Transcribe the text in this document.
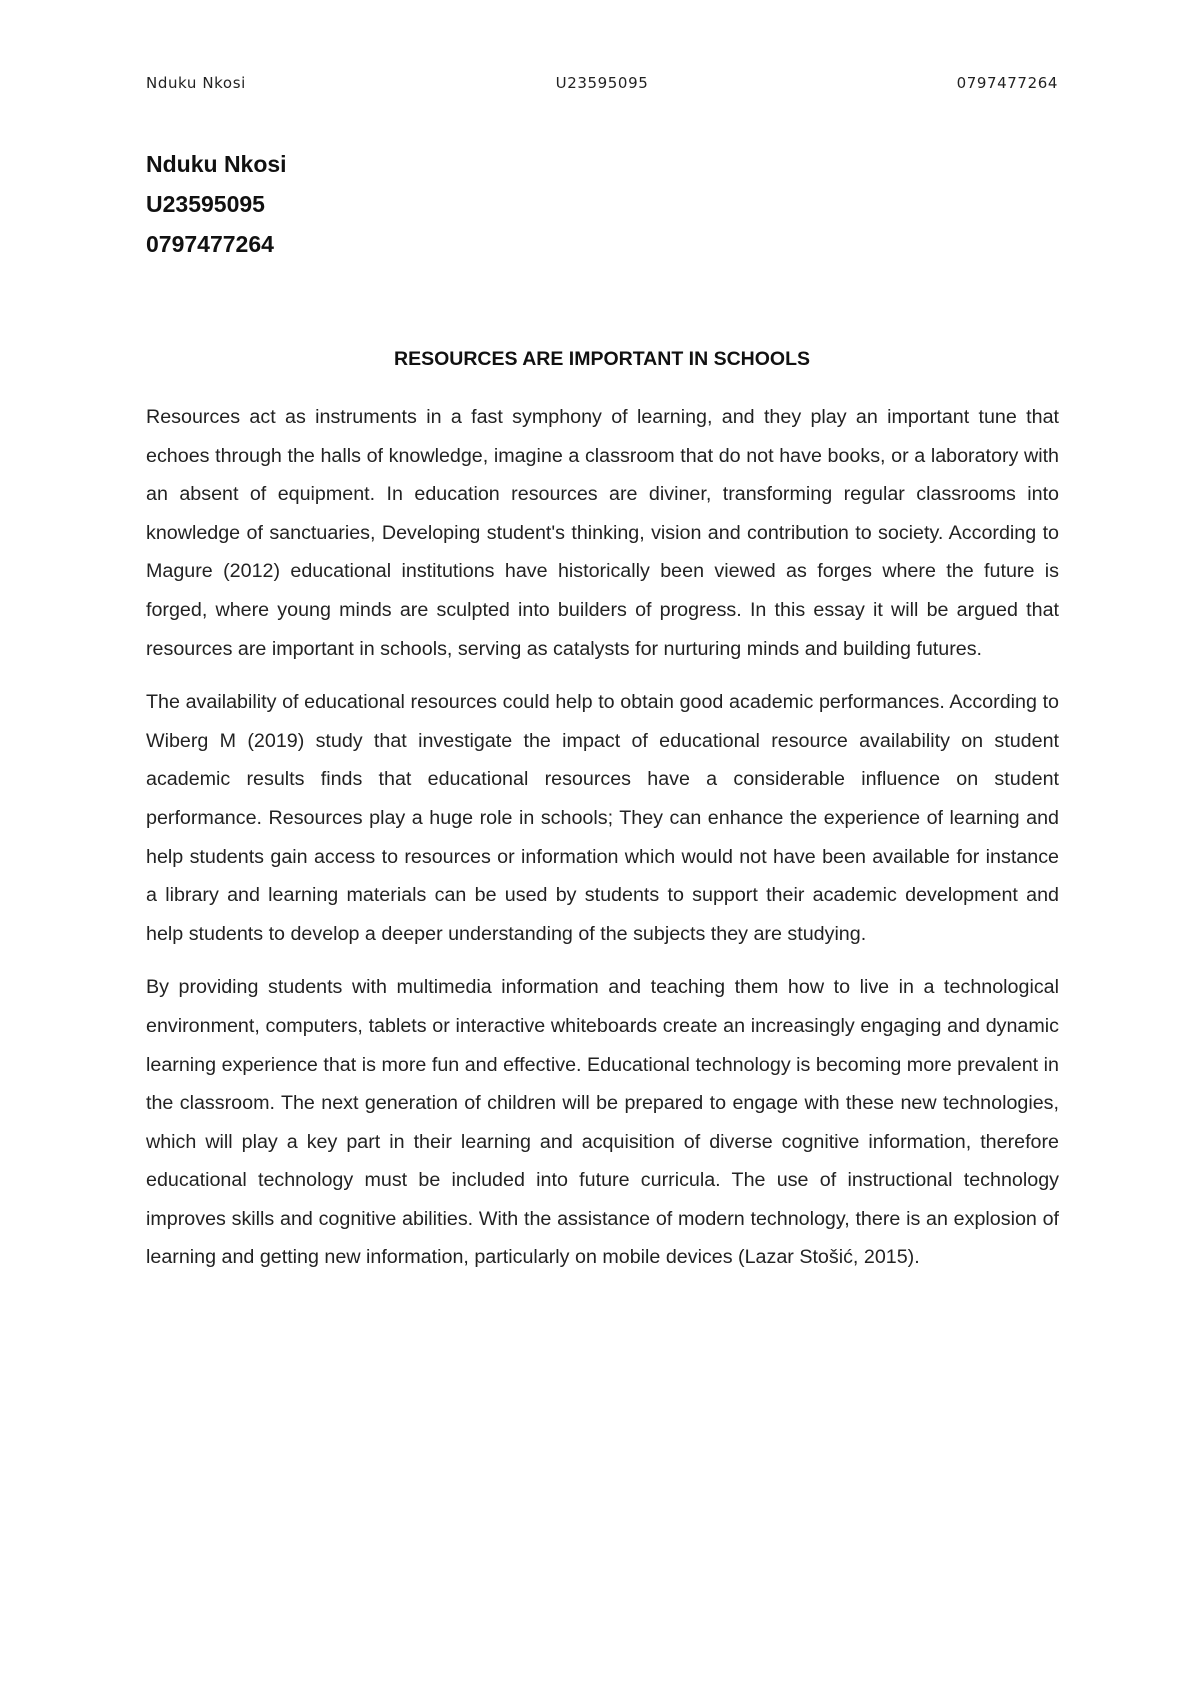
Nduku Nkosi	U23595095	0797477264
Nduku Nkosi
U23595095
0797477264
RESOURCES ARE IMPORTANT IN SCHOOLS

Resources act as instruments in a fast symphony of learning, and they play an important tune that echoes through the halls of knowledge, imagine a classroom that do not have books, or a laboratory with an absent of equipment. In education resources are diviner, transforming regular classrooms into knowledge of sanctuaries, Developing student's thinking, vision and contribution to society. According to Magure (2012) educational institutions have historically been viewed as forges where the future is forged, where young minds are sculpted into builders of progress. In this essay it will be argued that resources are important in schools, serving as catalysts for nurturing minds and building futures.

The availability of educational resources could help to obtain good academic performances. According to Wiberg M (2019) study that investigate the impact of educational resource availability on student academic results finds that educational resources have a considerable influence on student performance. Resources play a huge role in schools; They can enhance the experience of learning and help students gain access to resources or information which would not have been available for instance a library and learning materials can be used by students to support their academic development and help students to develop a deeper understanding of the subjects they are studying.

By providing students with multimedia information and teaching them how to live in a technological environment, computers, tablets or interactive whiteboards create an increasingly engaging and dynamic learning experience that is more fun and effective. Educational technology is becoming more prevalent in the classroom. The next generation of children will be prepared to engage with these new technologies, which will play a key part in their learning and acquisition of diverse cognitive information, therefore educational technology must be included into future curricula. The use of instructional technology improves skills and cognitive abilities. With the assistance of modern technology, there is an explosion of learning and getting new information, particularly on mobile devices (Lazar Stošić, 2015).
